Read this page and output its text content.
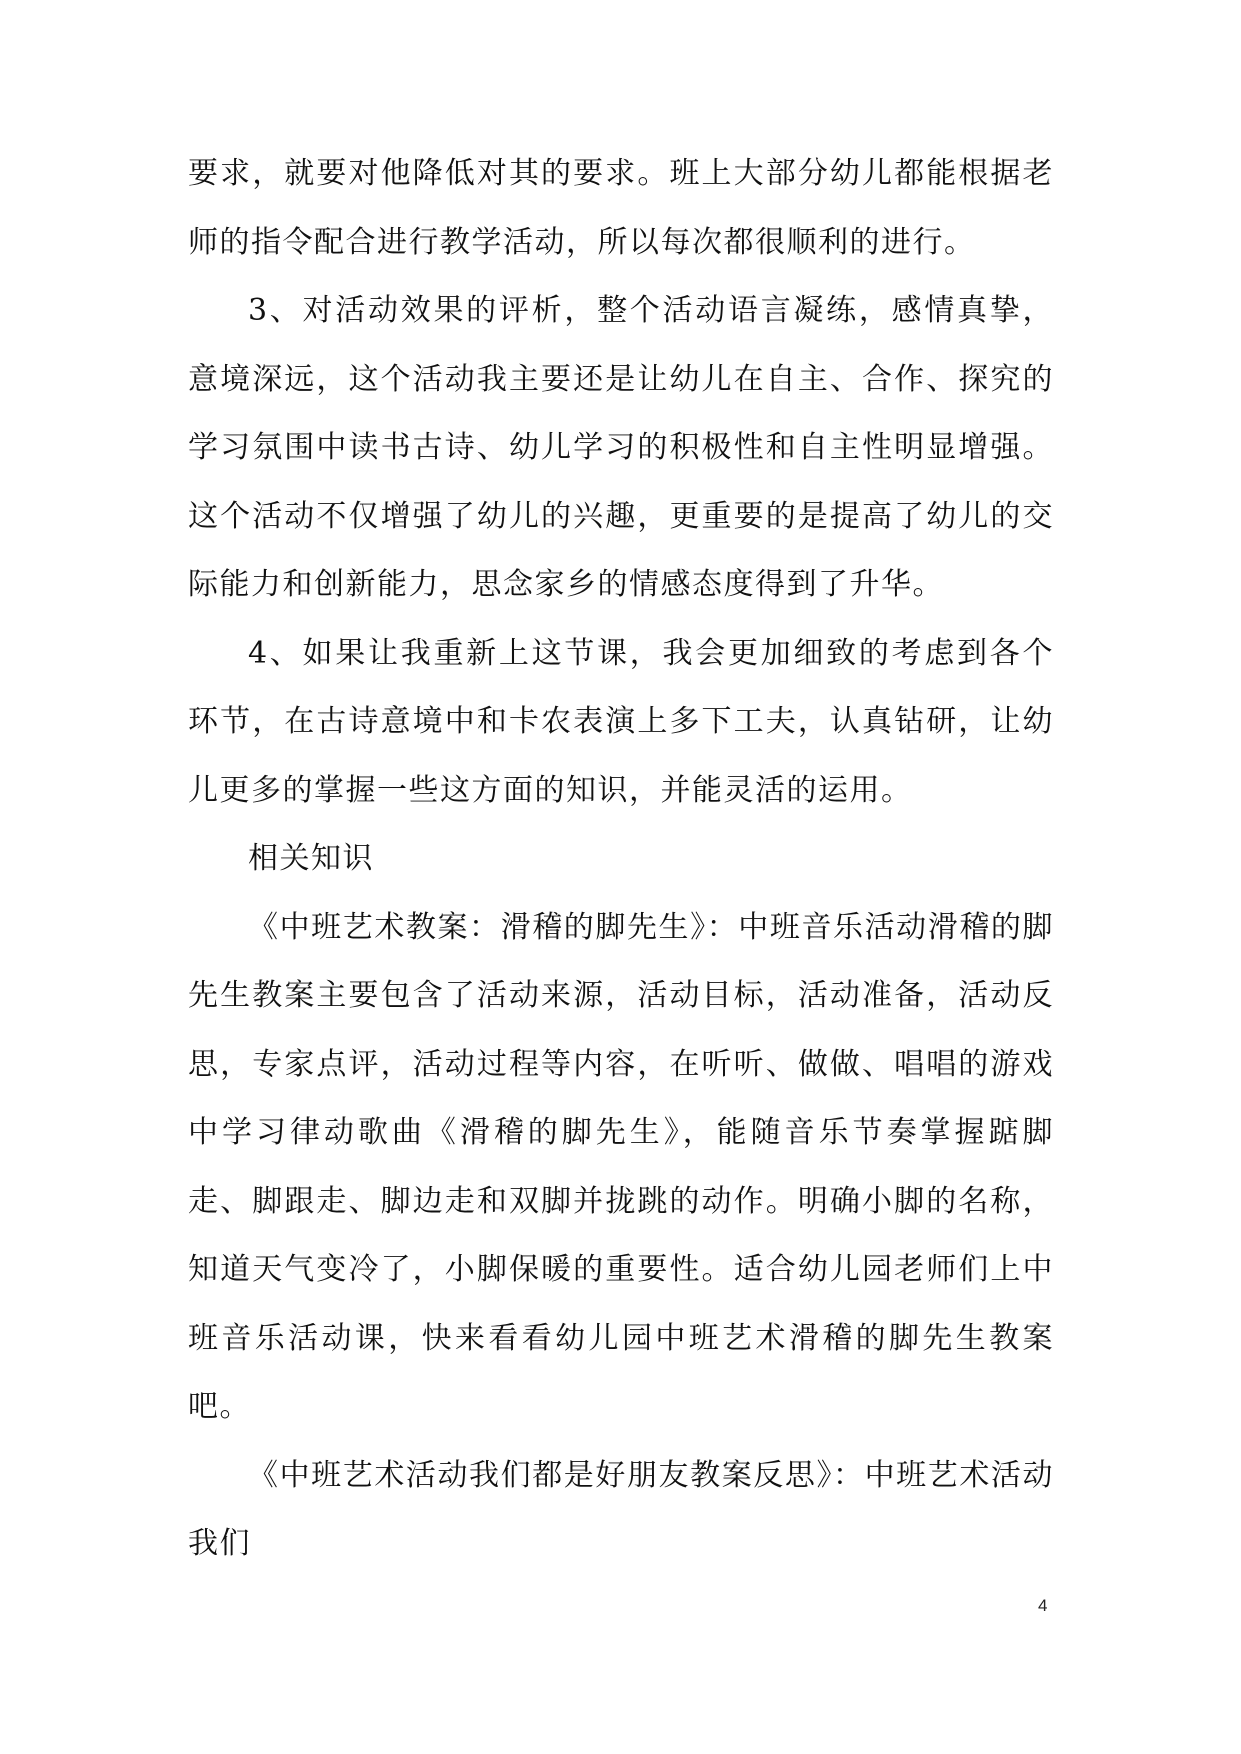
要求，就要对他降低对其的要求。班上大部分幼儿都能根据老师的指令配合进行教学活动，所以每次都很顺利的进行。

3、对活动效果的评析，整个活动语言凝练，感情真挚，意境深远，这个活动我主要还是让幼儿在自主、合作、探究的学习氛围中读书古诗、幼儿学习的积极性和自主性明显增强。这个活动不仅增强了幼儿的兴趣，更重要的是提高了幼儿的交际能力和创新能力，思念家乡的情感态度得到了升华。

4、如果让我重新上这节课，我会更加细致的考虑到各个环节，在古诗意境中和卡农表演上多下工夫，认真钻研，让幼儿更多的掌握一些这方面的知识，并能灵活的运用。

相关知识

《中班艺术教案：滑稽的脚先生》：中班音乐活动滑稽的脚先生教案主要包含了活动来源，活动目标，活动准备，活动反思，专家点评，活动过程等内容，在听听、做做、唱唱的游戏中学习律动歌曲《滑稽的脚先生》，能随音乐节奏掌握踮脚走、脚跟走、脚边走和双脚并拢跳的动作。明确小脚的名称，知道天气变冷了，小脚保暖的重要性。适合幼儿园老师们上中班音乐活动课，快来看看幼儿园中班艺术滑稽的脚先生教案吧。

《中班艺术活动我们都是好朋友教案反思》：中班艺术活动我们

4
